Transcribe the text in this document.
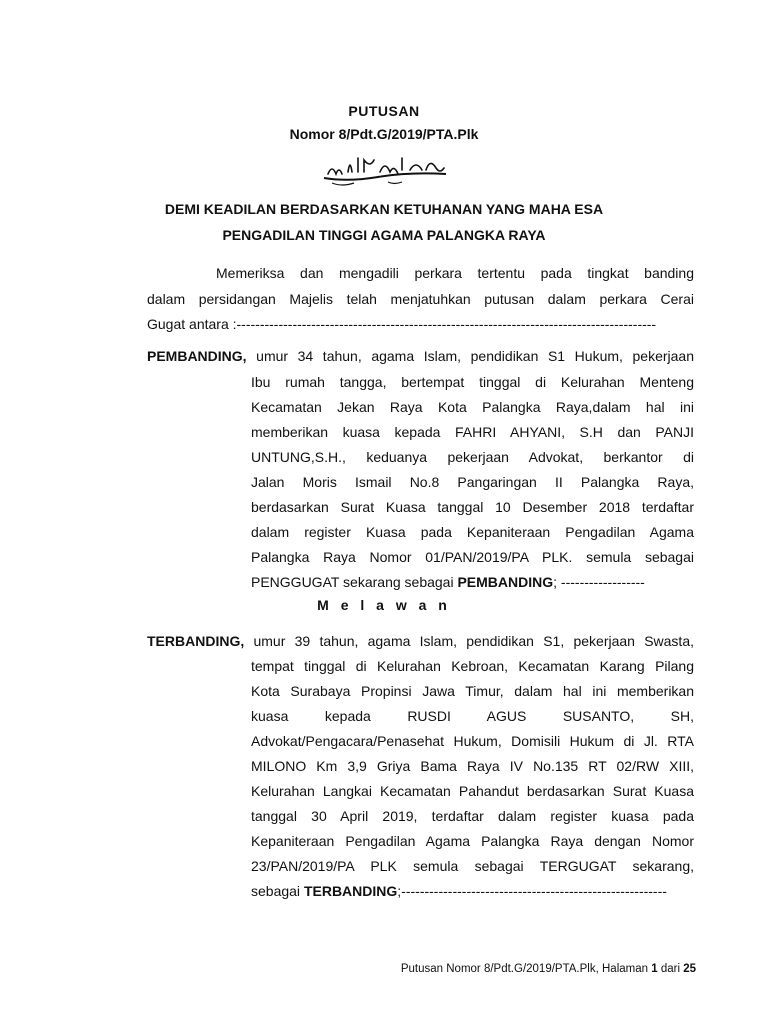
PUTUSAN
Nomor 8/Pdt.G/2019/PTA.Plk
DEMI KEADILAN BERDASARKAN KETUHANAN YANG MAHA ESA
PENGADILAN TINGGI AGAMA PALANGKA RAYA
Memeriksa dan mengadili perkara tertentu pada tingkat banding
dalam persidangan Majelis telah menjatuhkan putusan dalam perkara Cerai
Gugat antara :------------------------------------------------------------------------------------------
PEMBANDING, umur 34 tahun, agama Islam, pendidikan S1 Hukum, pekerjaan
Ibu rumah tangga, bertempat tinggal di Kelurahan Menteng
Kecamatan Jekan Raya Kota Palangka Raya,dalam hal ini
memberikan kuasa kepada FAHRI AHYANI, S.H dan PANJI
UNTUNG,S.H., keduanya pekerjaan Advokat, berkantor di
Jalan Moris Ismail No.8 Pangaringan II Palangka Raya,
berdasarkan Surat Kuasa tanggal 10 Desember 2018 terdaftar
dalam register Kuasa pada Kepaniteraan Pengadilan Agama
Palangka Raya Nomor 01/PAN/2019/PA PLK. semula sebagai
PENGGUGAT sekarang sebagai PEMBANDING; ------------------
M e l a w a n
TERBANDING, umur 39 tahun, agama Islam, pendidikan S1, pekerjaan Swasta,
tempat tinggal di Kelurahan Kebroan, Kecamatan Karang Pilang
Kota Surabaya Propinsi Jawa Timur, dalam hal ini memberikan
kuasa kepada RUSDI AGUS SUSANTO, SH,
Advokat/Pengacara/Penasehat Hukum, Domisili Hukum di Jl. RTA
MILONO Km 3,9 Griya Bama Raya IV No.135 RT 02/RW XIII,
Kelurahan Langkai Kecamatan Pahandut berdasarkan Surat Kuasa
tanggal 30 April 2019, terdaftar dalam register kuasa pada
Kepaniteraan Pengadilan Agama Palangka Raya dengan Nomor
23/PAN/2019/PA PLK semula sebagai TERGUGAT sekarang,
sebagai TERBANDING;---------------------------------------------------------
Putusan Nomor 8/Pdt.G/2019/PTA.Plk, Halaman 1 dari 25
